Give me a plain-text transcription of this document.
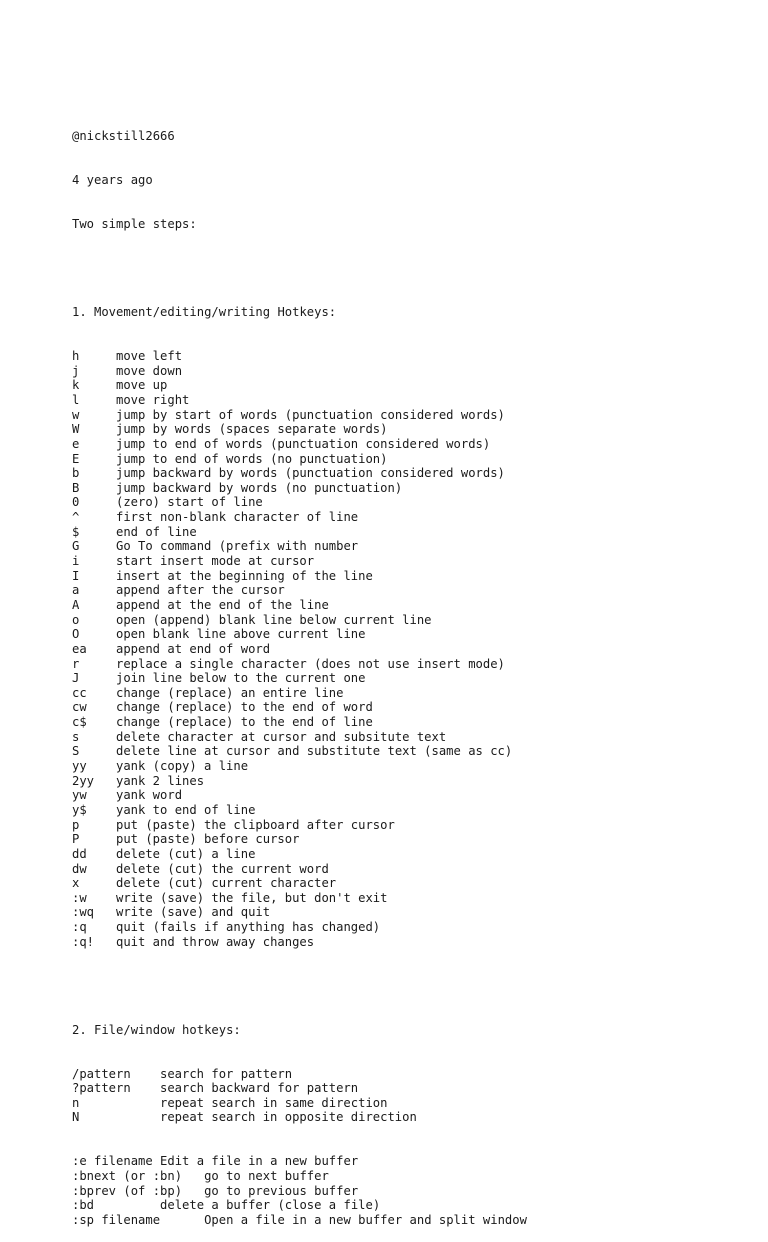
@nickstill2666

4 years ago

Two simple steps:

1. Movement/editing/writing Hotkeys:

h	move left
j	move down
k	move up
l	move right
w	jump by start of words (punctuation considered words)
W	jump by words (spaces separate words)
e	jump to end of words (punctuation considered words)
E	jump to end of words (no punctuation)
b	jump backward by words (punctuation considered words)
B	jump backward by words (no punctuation)
0	(zero) start of line
^	first non-blank character of line
$	end of line
G	Go To command (prefix with number
i	start insert mode at cursor
I	insert at the beginning of the line
a	append after the cursor
A	append at the end of the line
o	open (append) blank line below current line
O	open blank line above current line
ea append at end of word
r	replace a single character (does not use insert mode)
J	join line below to the current one
cc change (replace) an entire line
cw change (replace) to the end of word
c$ change (replace) to the end of line
s	delete character at cursor and subsitute text
S	delete line at cursor and substitute text (same as cc)
yy yank (copy) a line
2yy yank 2 lines
yw yank word
y$ yank to end of line
p	put (paste) the clipboard after cursor
P	put (paste) before cursor
dd delete (cut) a line
dw delete (cut) the current word
x	delete (cut) current character
:w write (save) the file, but don't exit
:wq write (save) and quit
:q quit (fails if anything has changed)
:q! quit and throw away changes

2. File/window hotkeys:

/pattern search for pattern
?pattern search backward for pattern
n	repeat search in same direction
N	repeat search in opposite direction

:e filename Edit a file in a new buffer
:bnext (or :bn)   go to next buffer
:bprev (of :bp)   go to previous buffer
:bd         delete a buffer (close a file)
:sp filename      Open a file in a new buffer and split window
